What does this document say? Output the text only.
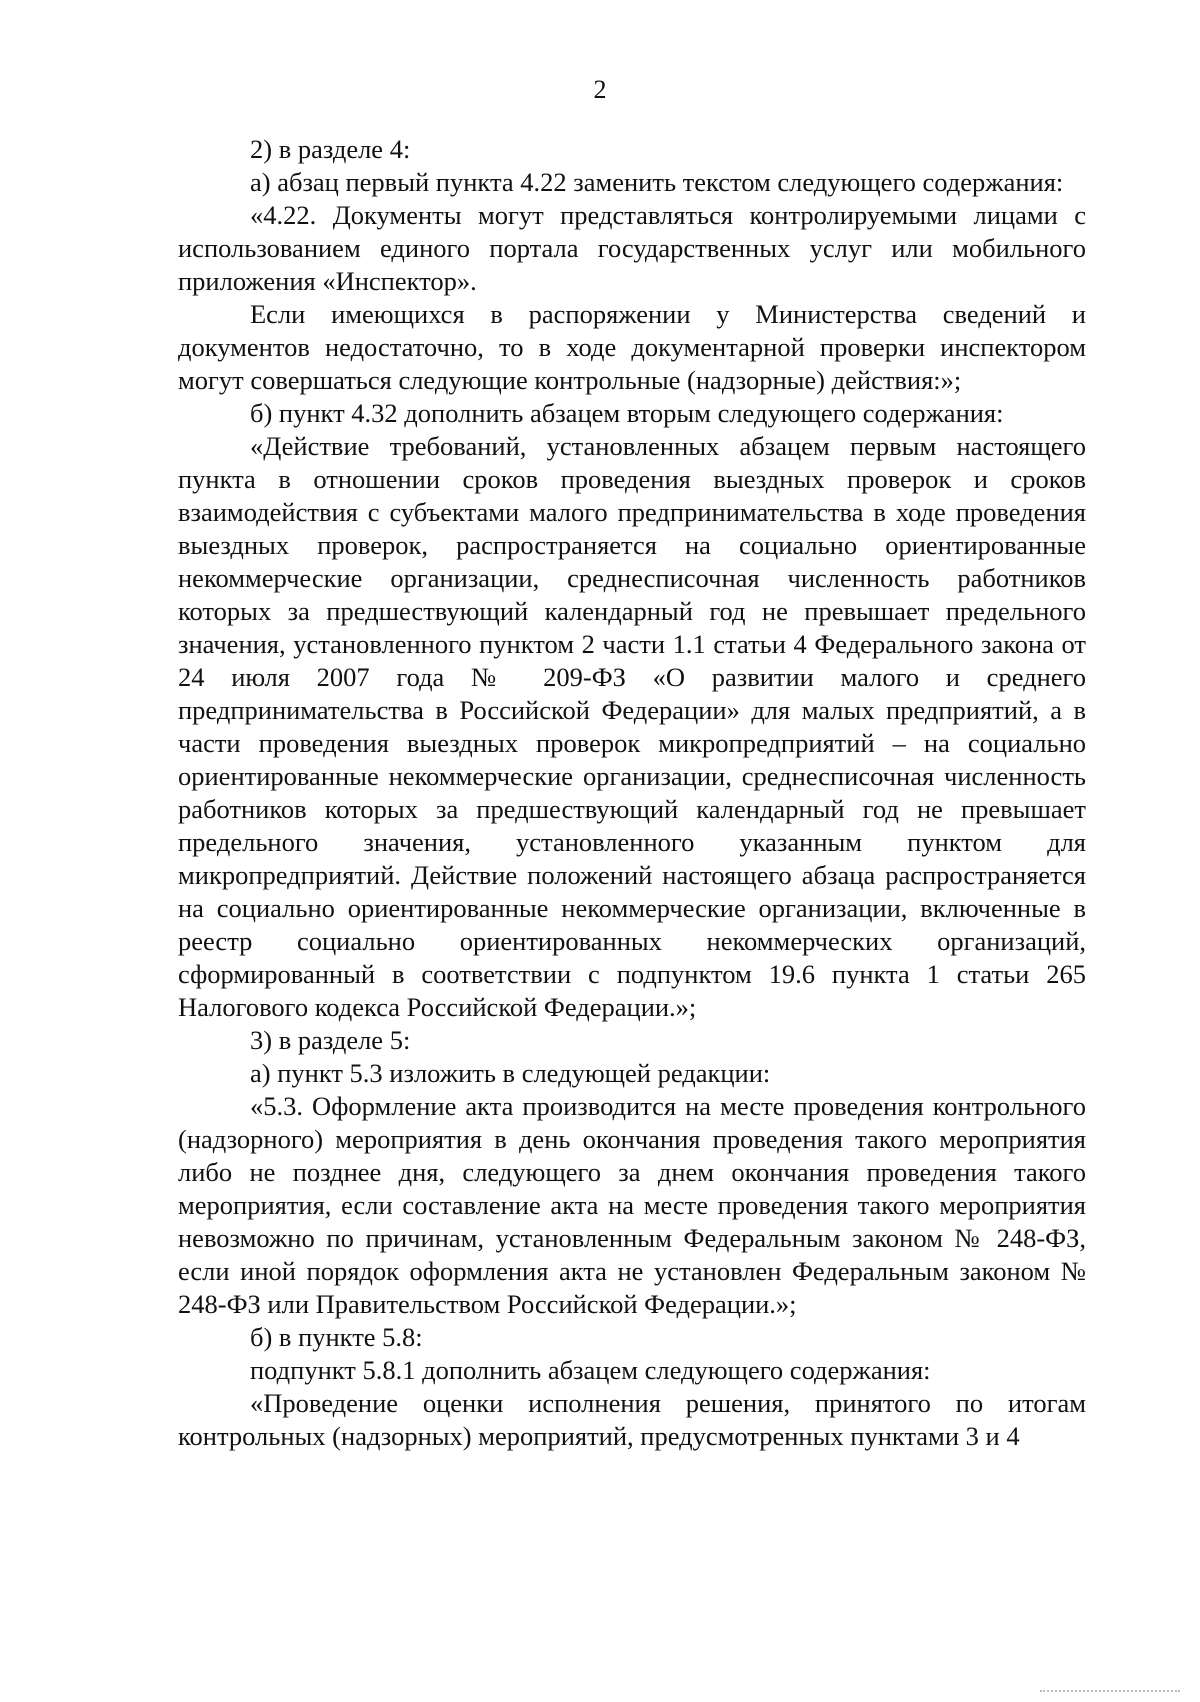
2

2) в разделе 4:

а) абзац первый пункта 4.22 заменить текстом следующего содержания:

«4.22. Документы могут представляться контролируемыми лицами с использованием единого портала государственных услуг или мобильного приложения «Инспектор».

Если имеющихся в распоряжении у Министерства сведений и документов недостаточно, то в ходе документарной проверки инспектором могут совершаться следующие контрольные (надзорные) действия:»;

б) пункт 4.32 дополнить абзацем вторым следующего содержания:

«Действие требований, установленных абзацем первым настоящего пункта в отношении сроков проведения выездных проверок и сроков взаимодействия с субъектами малого предпринимательства в ходе проведения выездных проверок, распространяется на социально ориентированные некоммерческие организации, среднесписочная численность работников которых за предшествующий календарный год не превышает предельного значения, установленного пунктом 2 части 1.1 статьи 4 Федерального закона от 24 июля 2007 года № 209-ФЗ «О развитии малого и среднего предпринимательства в Российской Федерации» для малых предприятий, а в части проведения выездных проверок микропредприятий – на социально ориентированные некоммерческие организации, среднесписочная численность работников которых за предшествующий календарный год не превышает предельного значения, установленного указанным пунктом для микропредприятий. Действие положений настоящего абзаца распространяется на социально ориентированные некоммерческие организации, включенные в реестр социально ориентированных некоммерческих организаций, сформированный в соответствии с подпунктом 19.6 пункта 1 статьи 265 Налогового кодекса Российской Федерации.»;

3) в разделе 5:

а) пункт 5.3 изложить в следующей редакции:

«5.3. Оформление акта производится на месте проведения контрольного (надзорного) мероприятия в день окончания проведения такого мероприятия либо не позднее дня, следующего за днем окончания проведения такого мероприятия, если составление акта на месте проведения такого мероприятия невозможно по причинам, установленным Федеральным законом № 248-ФЗ, если иной порядок оформления акта не установлен Федеральным законом № 248-ФЗ или Правительством Российской Федерации.»;

б) в пункте 5.8:

подпункт 5.8.1 дополнить абзацем следующего содержания:

«Проведение оценки исполнения решения, принятого по итогам контрольных (надзорных) мероприятий, предусмотренных пунктами 3 и 4
